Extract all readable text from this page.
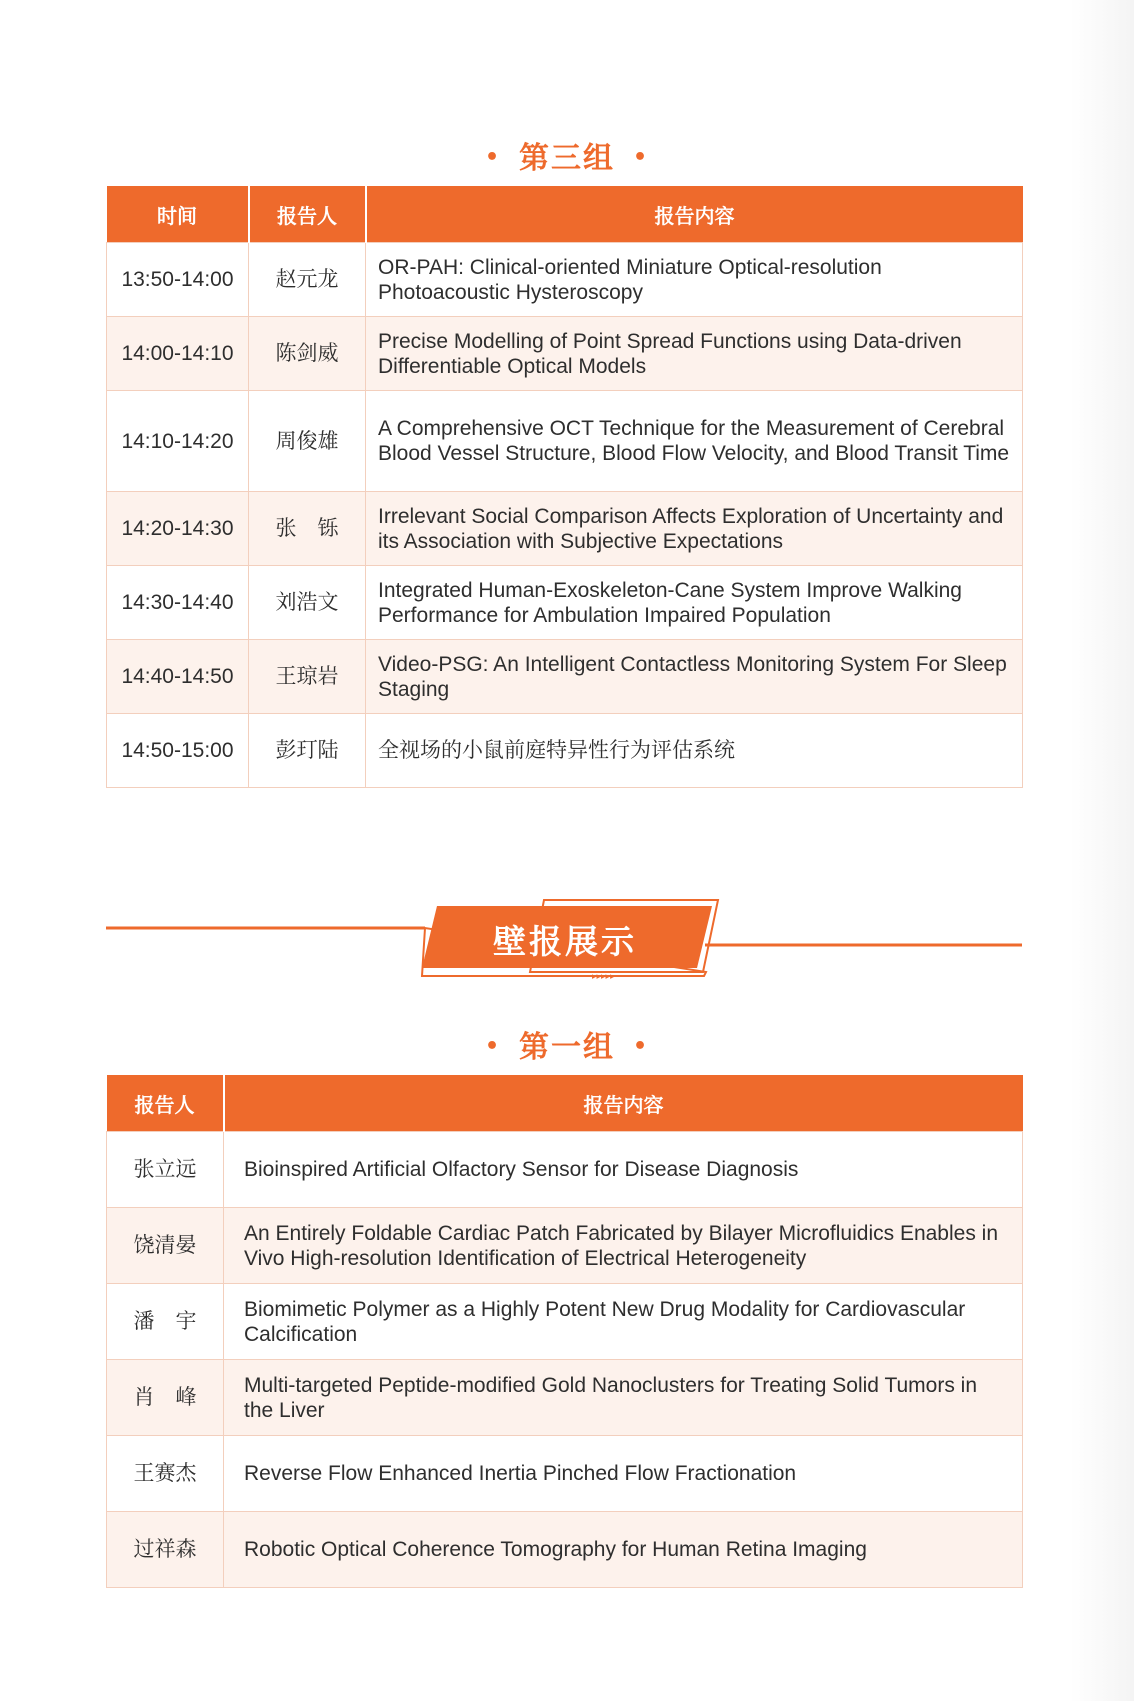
• 第三组 •
时间	报告人	报告内容
13:50-14:00	赵元龙	OR-PAH: Clinical-oriented Miniature Optical-resolution Photoacoustic Hysteroscopy
14:00-14:10	陈剑威	Precise Modelling of Point Spread Functions using Data-driven Differentiable Optical Models
14:10-14:20	周俊雄	A Comprehensive OCT Technique for the Measurement of Cerebral Blood Vessel Structure, Blood Flow Velocity, and Blood Transit Time
14:20-14:30	张　铄	Irrelevant Social Comparison Affects Exploration of Uncertainty and its Association with Subjective Expectations
14:30-14:40	刘浩文	Integrated Human-Exoskeleton-Cane System Improve Walking Performance for Ambulation Impaired Population
14:40-14:50	王琼岩	Video-PSG: An Intelligent Contactless Monitoring System For Sleep Staging
14:50-15:00	彭玎陆	全视场的小鼠前庭特异性行为评估系统
▸▸▸▸▸
壁报展示
• 第一组 •
报告人	报告内容
张立远	Bioinspired Artificial Olfactory Sensor for Disease Diagnosis
饶清晏	An Entirely Foldable Cardiac Patch Fabricated by Bilayer Microfluidics Enables in Vivo High-resolution Identification of Electrical Heterogeneity
潘　宇	Biomimetic Polymer as a Highly Potent New Drug Modality for Cardiovascular Calcification
肖　峰	Multi-targeted Peptide-modified Gold Nanoclusters for Treating Solid Tumors in the Liver
王赛杰	Reverse Flow Enhanced Inertia Pinched Flow Fractionation
过祥森	Robotic Optical Coherence Tomography for Human Retina Imaging
